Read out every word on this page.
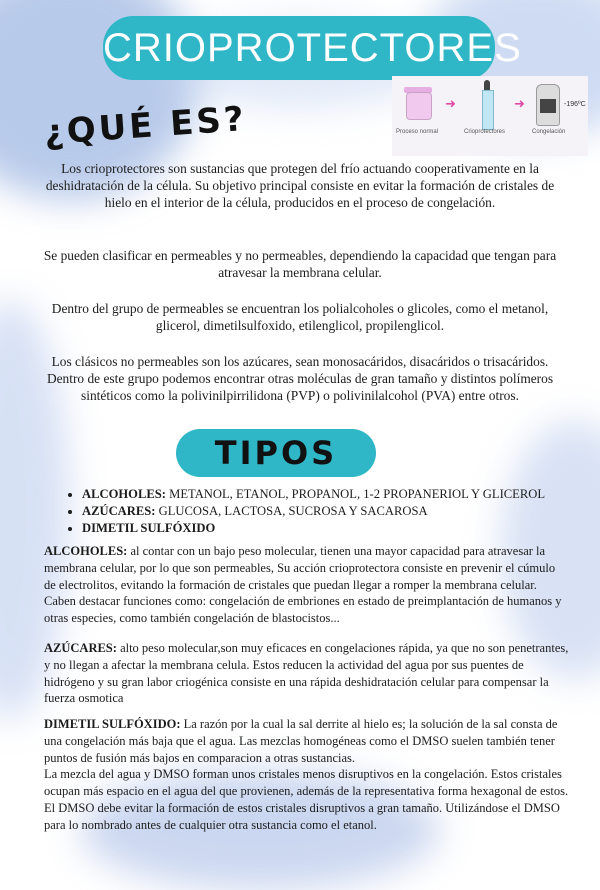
CRIOPROTECTORES
➜	➜
Proceso normal	Crioprotectores	Congelación
-196ºC
¿QUÉ ES?

Los crioprotectores son sustancias que protegen del frío actuando cooperativamente en la deshidratación de la célula. Su objetivo principal consiste en evitar la formación de cristales de hielo en el interior de la célula, producidos en el proceso de congelación.

Se pueden clasificar en permeables y no permeables, dependiendo la capacidad que tengan para atravesar la membrana celular.

Dentro del grupo de permeables se encuentran los polialcoholes o glicoles, como el metanol, glicerol, dimetilsulfoxido, etilenglicol, propilenglicol.

Los clásicos no permeables son los azúcares, sean monosacáridos, disacáridos o trisacáridos. Dentro de este grupo podemos encontrar otras moléculas de gran tamaño y distintos polímeros sintéticos como la polivinilpirrilidona (PVP) o polivinilalcohol (PVA) entre otros.

TIPOS
• ALCOHOLES: METANOL, ETANOL, PROPANOL, 1-2 PROPANERIOL Y GLICEROL
• AZÚCARES: GLUCOSA, LACTOSA, SUCROSA Y SACAROSA
• DIMETIL SULFÓXIDO

ALCOHOLES: al contar con un bajo peso molecular, tienen una mayor capacidad para atravesar la membrana celular, por lo que son permeables, Su acción crioprotectora consiste en prevenir el cúmulo de electrolitos, evitando la formación de cristales que puedan llegar a romper la membrana celular. Caben destacar funciones como: congelación de embriones en estado de preimplantación de humanos y otras especies, como también congelación de blastocistos...

AZÚCARES: alto peso molecular,son muy eficaces en congelaciones rápida, ya que no son penetrantes, y no llegan a afectar la membrana celula. Estos reducen la actividad del agua por sus puentes de hidrógeno y su gran labor criogénica consiste en una rápida deshidratación celular para compensar la fuerza osmotica

DIMETIL SULFÓXIDO: La razón por la cual la sal derrite al hielo es; la solución de la sal consta de una congelación más baja que el agua. Las mezclas homogéneas como el DMSO suelen también tener puntos de fusión más bajos en comparacion a otras sustancias.
La mezcla del agua y DMSO forman unos cristales menos disruptivos en la congelación. Estos cristales ocupan más espacio en el agua del que provienen, además de la representativa forma hexagonal de estos.
El DMSO debe evitar la formación de estos cristales disruptivos a gran tamaño. Utilizándose el DMSO para lo nombrado antes de cualquier otra sustancia como el etanol.
